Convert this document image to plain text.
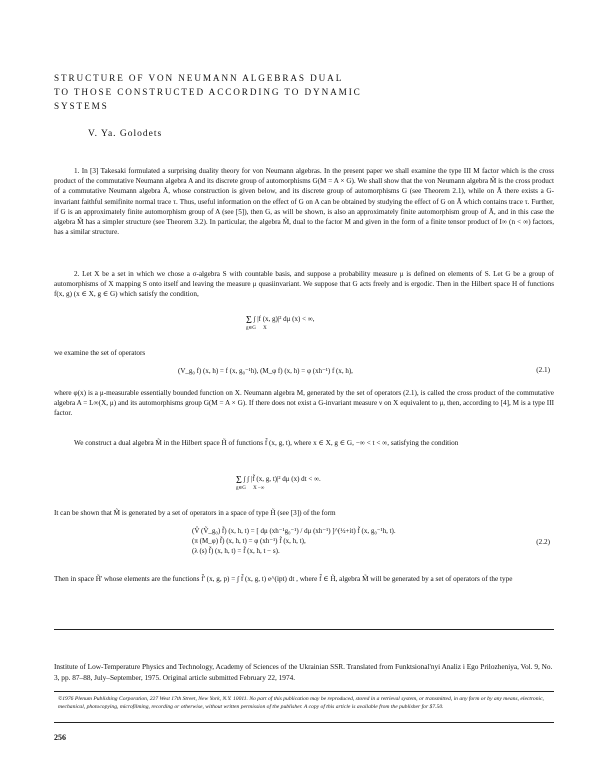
STRUCTURE OF VON NEUMANN ALGEBRAS DUAL
TO THOSE CONSTRUCTED ACCORDING TO DYNAMIC
SYSTEMS
V. Ya. Golodets
1. In [3] Takesaki formulated a surprising duality theory for von Neumann algebras. In the present paper we shall examine the type III M factor which is the cross product of the commutative Neumann algebra A and its discrete group of automorphisms G(M = A × G). We shall show that the von Neumann algebra M̃ is the cross product of a commutative Neumann algebra Ã, whose construction is given below, and its discrete group of automorphisms G (see Theorem 2.1), while on Ã there exists a G-invariant faithful semifinite normal trace τ. Thus, useful information on the effect of G on A can be obtained by studying the effect of G on Ã which contains trace τ. Further, if G is an approximately finite automorphism group of A (see [5]), then G, as will be shown, is also an approximately finite automorphism group of Ã, and in this case the algebra M̃ has a simpler structure (see Theorem 3.2). In particular, the algebra M̃, dual to the factor M and given in the form of a finite tensor product of I∞ (n < ∞) factors, has a similar structure.
2. Let X be a set in which we chose a σ-algebra S with countable basis, and suppose a probability measure μ is defined on elements of S. Let G be a group of automorphisms of X mapping S onto itself and leaving the measure μ quasiinvariant. We suppose that G acts freely and is ergodic. Then in the Hilbert space H of functions f(x, g) (x ∈ X, g ∈ G) which satisfy the condition,
Σ ∫ |f (x, g)|² dμ (x) < ∞,
g∈G X
we examine the set of operators
(V_g₀ f) (x, h) = f (x, g₀⁻¹h), (M_φ f) (x, h) = φ (xh⁻¹) f (x, h),	(2.1)
where φ(x) is a μ-measurable essentially bounded function on X. Neumann algebra M, generated by the set of operators (2.1), is called the cross product of the commutative algebra A = L∞(X, μ) and its automorphisms group G(M = A × G). If there does not exist a G-invariant measure ν on X equivalent to μ, then, according to [4], M is a type III factor.
We construct a dual algebra M̃ in the Hilbert space H̃ of functions f̃ (x, g, t), where x ∈ X, g ∈ G, −∞ < t < ∞, satisfying the condition
Σ ∫ ∫ |f̃ (x, g, t)|² dμ (x) dt < ∞.
g∈G X −∞
It can be shown that M̃ is generated by a set of operators in a space of type H̃ (see [3]) of the form
(V̂ (Ṽ_g₀) f̃) (x, h, t) = [ dμ (xh⁻¹g₀⁻¹) / dμ (xh⁻¹) ]^(½+it) f̃ (x, g₀⁻¹h, t).
(π (M_φ) f̃) (x, h, t) = φ (xh⁻¹) f̃ (x, h, t),
(λ (s) f̃) (x, h, t) = f̃ (x, h, t − s).
(2.2)
Then in space H̃' whose elements are the functions f̃' (x, g, p) = ∫ f̃ (x, g, t) e^(ipt) dt , where f̃ ∈ H̃, algebra M̃ will be generated by a set of operators of the type
Institute of Low-Temperature Physics and Technology, Academy of Sciences of the Ukrainian SSR. Translated from Funktsional'nyi Analiz i Ego Prilozheniya, Vol. 9, No. 3, pp. 87–88, July–September, 1975. Original article submitted February 22, 1974.
©1976 Plenum Publishing Corporation, 227 West 17th Street, New York, N.Y. 10011. No part of this publication may be reproduced, stored in a retrieval system, or transmitted, in any form or by any means, electronic, mechanical, photocopying, microfilming, recording or otherwise, without written permission of the publisher. A copy of this article is available from the publisher for $7.50.
256
